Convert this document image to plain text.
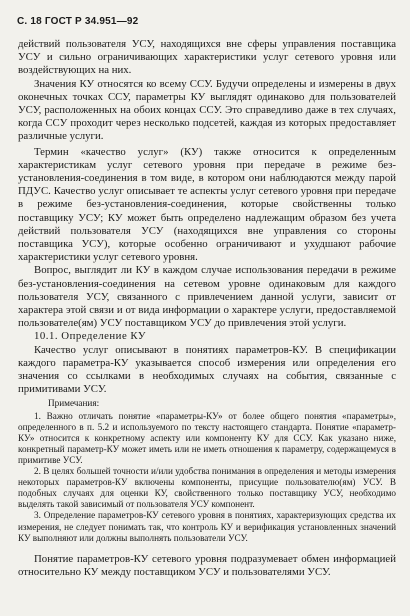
С. 18 ГОСТ Р 34.951—92

действий пользователя УСУ, находящихся вне сферы управления поставщика УСУ и сильно ограничивающих характеристики услуг сетевого уровня или воздействующих на них.

Значения КУ относятся ко всему ССУ. Будучи определены и измерены в двух оконечных точках ССУ, параметры КУ выглядят одинаково для пользователей УСУ, расположенных на обоих концах ССУ. Это справедливо даже в тех случаях, когда ССУ проходит через несколько подсетей, каждая из которых предоставляет различные услуги.

Термин «качество услуг» (КУ) также относится к определенным характеристикам услуг сетевого уровня при передаче в режиме без-установления-соединения в том виде, в котором они наблюдаются между парой ПДУС. Качество услуг описывает те аспекты услуг сетевого уровня при передаче в режиме без-установления-соединения, которые свойственны только поставщику УСУ; КУ может быть определено надлежащим образом без учета действий пользователя УСУ (находящихся вне управления со стороны поставщика УСУ), которые особенно ограничивают и ухудшают рабочие характеристики услуг сетевого уровня.

Вопрос, выглядит ли КУ в каждом случае использования передачи в режиме без-установления-соединения на сетевом уровне одинаковым для каждого пользователя УСУ, связанного с привлечением данной услуги, зависит от характера этой связи и от вида информации о характере услуги, предоставляемой пользователе(ям) УСУ поставщиком УСУ до привлечения этой услуги.

10.1. Определение КУ

Качество услуг описывают в понятиях параметров-КУ. В спецификации каждого параметра-КУ указывается способ измерения или определения его значения со ссылками в необходимых случаях на события, связанные с примитивами УСУ.

Примечания:

1. Важно отличать понятие «параметры-КУ» от более общего понятия «параметры», определенного в п. 5.2 и используемого по тексту настоящего стандарта. Понятие «параметр-КУ» относится к конкретному аспекту или компоненту КУ для ССУ. Как указано ниже, конкретный параметр-КУ может иметь или не иметь отношения к параметру, содержащемуся в примитиве УСУ.

2. В целях большей точности и/или удобства понимания в определения и методы измерения некоторых параметров-КУ включены компоненты, присущие пользователю(ям) УСУ. В подобных случаях для оценки КУ, свойственного только поставщику УСУ, необходимо выделять такой зависимый от пользователя УСУ компонент.

3. Определение параметров-КУ сетевого уровня в понятиях, характеризующих средства их измерения, не следует понимать так, что контроль КУ и верификация установленных значений КУ выполняют или должны выполнять пользователи УСУ.

Понятие параметров-КУ сетевого уровня подразумевает обмен информацией относительно КУ между поставщиком УСУ и пользователями УСУ.
